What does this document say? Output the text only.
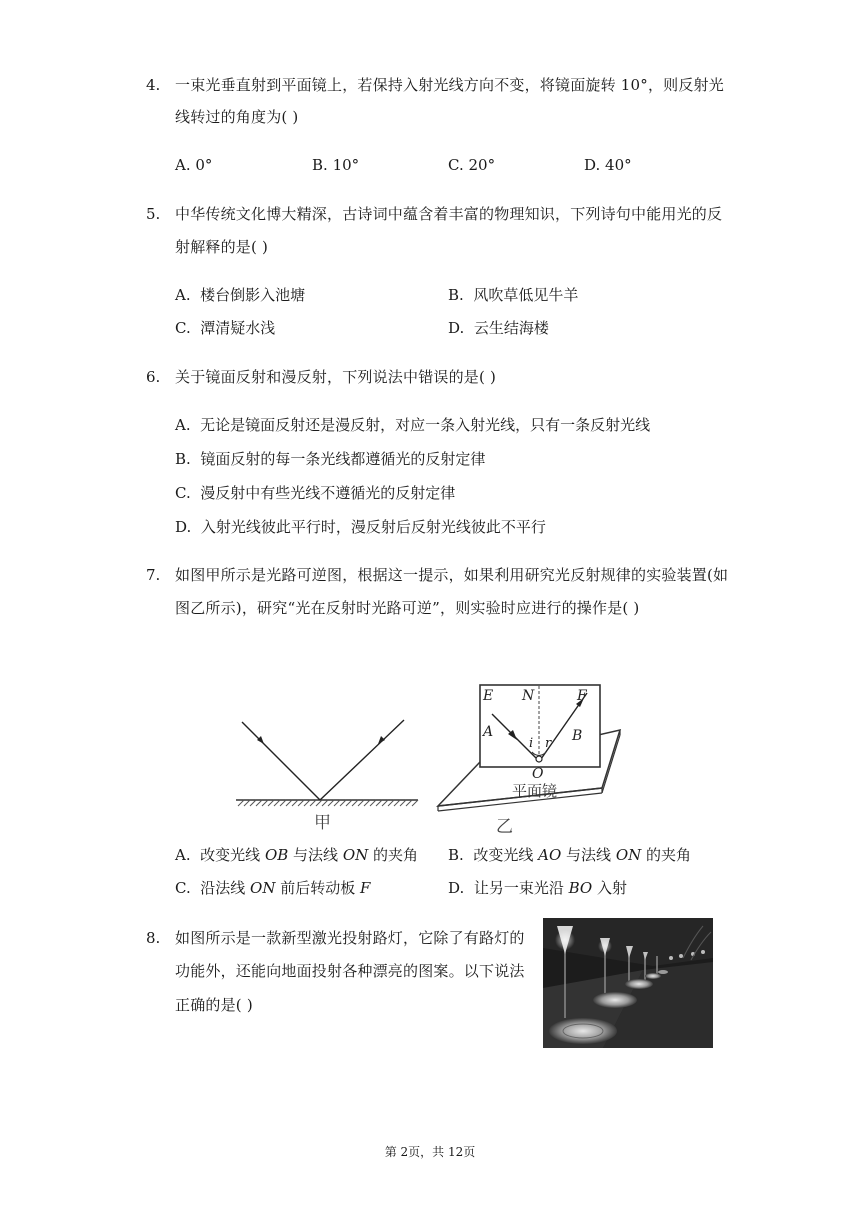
4. 一束光垂直射到平面镜上，若保持入射光线方向不变，将镜面旋转 10°，则反射光
线转过的角度为( )
A. 0°	B. 10°	C. 20°	D. 40°
5. 中华传统文化博大精深，古诗词中蕴含着丰富的物理知识，下列诗句中能用光的反
射解释的是( )
A. 楼台倒影入池塘	B. 风吹草低见牛羊
C. 潭清疑水浅	D. 云生结海楼
6. 关于镜面反射和漫反射，下列说法中错误的是( )
A. 无论是镜面反射还是漫反射，对应一条入射光线，只有一条反射光线
B. 镜面反射的每一条光线都遵循光的反射定律
C. 漫反射中有些光线不遵循光的反射定律
D. 入射光线彼此平行时，漫反射后反射光线彼此不平行
7. 如图甲所示是光路可逆图，根据这一提示，如果利用研究光反射规律的实验装置(如
图乙所示)，研究“光在反射时光路可逆”，则实验时应进行的操作是( )
甲
E N	F
A	B
i r
O
平面镜
乙
A. 改变光线 OB 与法线 ON 的夹角 B. 改变光线 AO 与法线 ON 的夹角
C. 沿法线 ON 前后转动板 F	D. 让另一束光沿 BO 入射
8. 如图所示是一款新型激光投射路灯，它除了有路灯的
功能外，还能向地面投射各种漂亮的图案。以下说法
正确的是( )
第 2页，共 12页
